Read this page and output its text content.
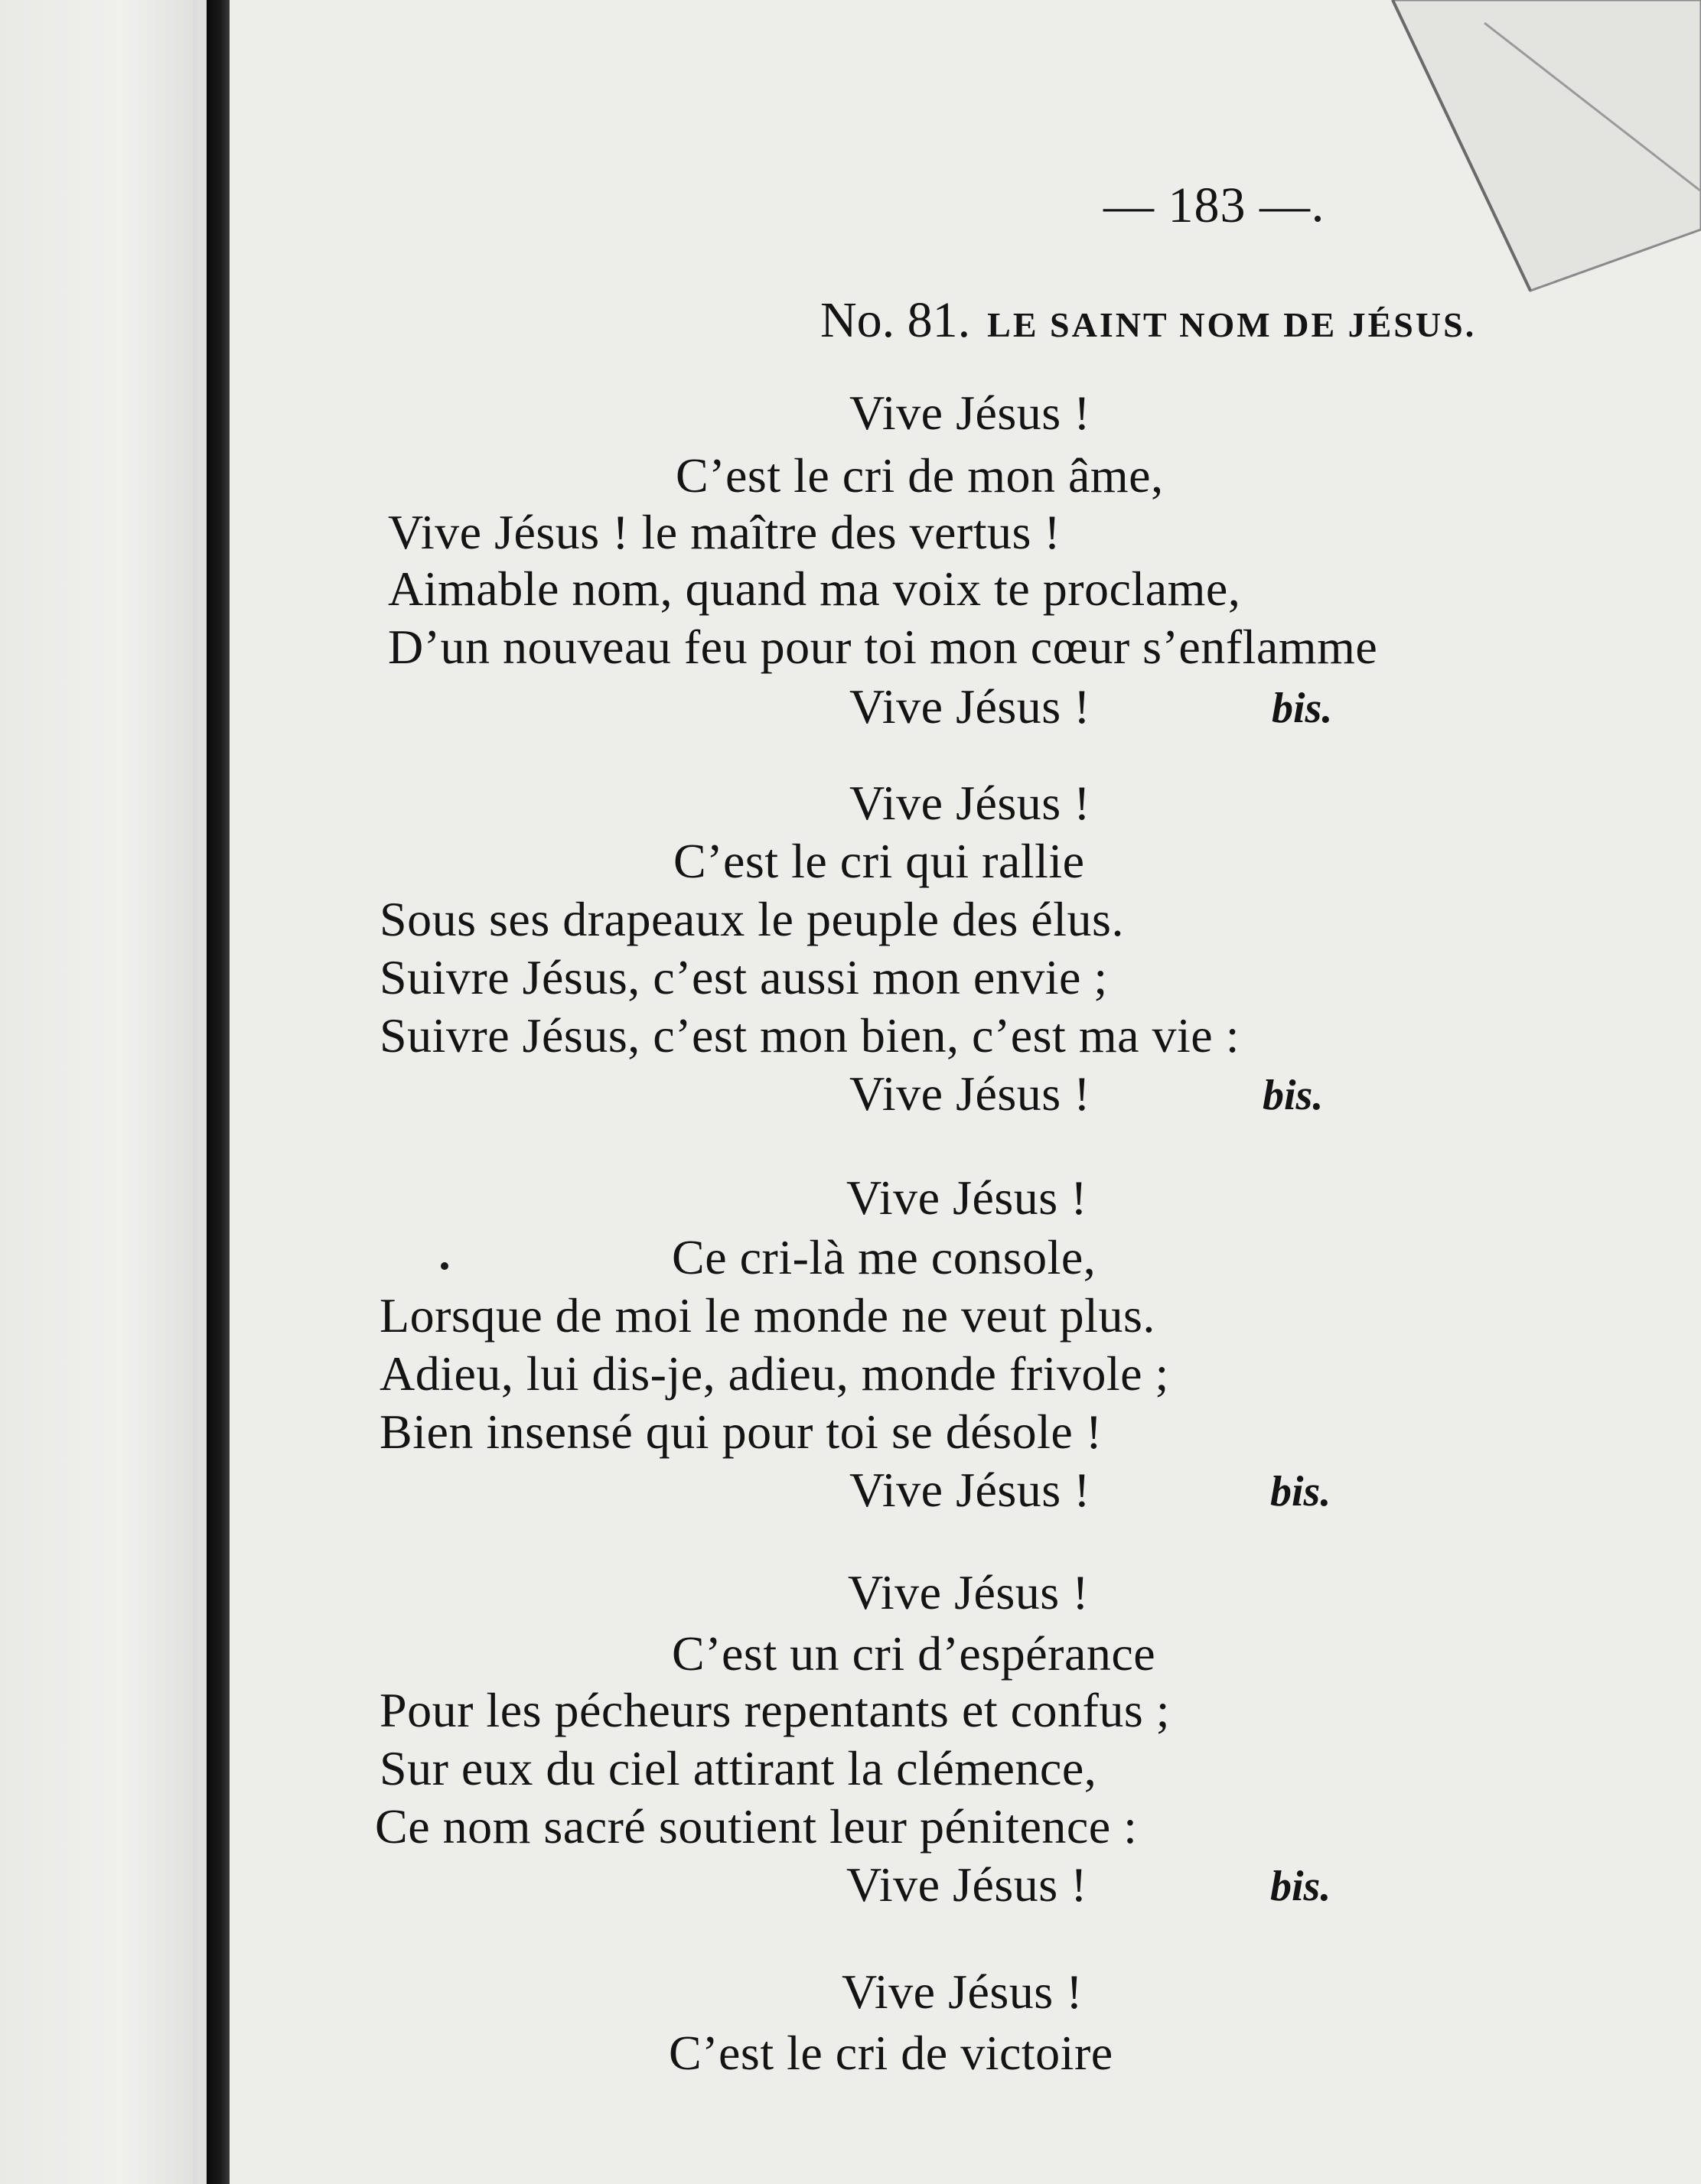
— 183 —
No. 81. LE SAINT NOM DE JÉSUS.
Vive Jésus !
C’est le cri de mon âme,
Vive Jésus ! le maître des vertus !
Aimable nom, quand ma voix te proclame,
D’un nouveau feu pour toi mon cœur s’enflamme
Vive Jésus !	bis.
Vive Jésus !
C’est le cri qui rallie
Sous ses drapeaux le peuple des élus.
Suivre Jésus, c’est aussi mon envie ;
Suivre Jésus, c’est mon bien, c’est ma vie :
Vive Jésus !	bis.
Vive Jésus !
Ce cri-là me console,
Lorsque de moi le monde ne veut plus.
Adieu, lui dis-je, adieu, monde frivole ;
Bien insensé qui pour toi se désole !
Vive Jésus !	bis.
Vive Jésus !
C’est un cri d’espérance
Pour les pécheurs repentants et confus ;
Sur eux du ciel attirant la clémence,
Ce nom sacré soutient leur pénitence :
Vive Jésus !	bis.
Vive Jésus !
C’est le cri de victoire
